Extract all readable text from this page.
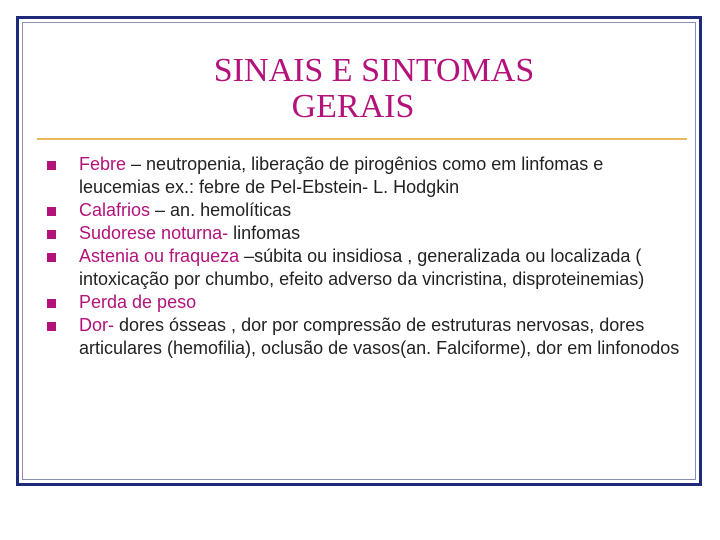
SINAIS E SINTOMAS
GERAIS
Febre – neutropenia, liberação de pirogênios como em linfomas e leucemias ex.: febre de Pel-Ebstein- L. Hodgkin
Calafrios – an. hemolíticas
Sudorese noturna- linfomas
Astenia ou fraqueza –súbita ou insidiosa , generalizada ou localizada ( intoxicação por chumbo, efeito adverso da vincristina, disproteinemias)
Perda de peso
Dor- dores ósseas , dor por compressão de estruturas nervosas, dores articulares (hemofilia), oclusão de vasos(an. Falciforme), dor em linfonodos
